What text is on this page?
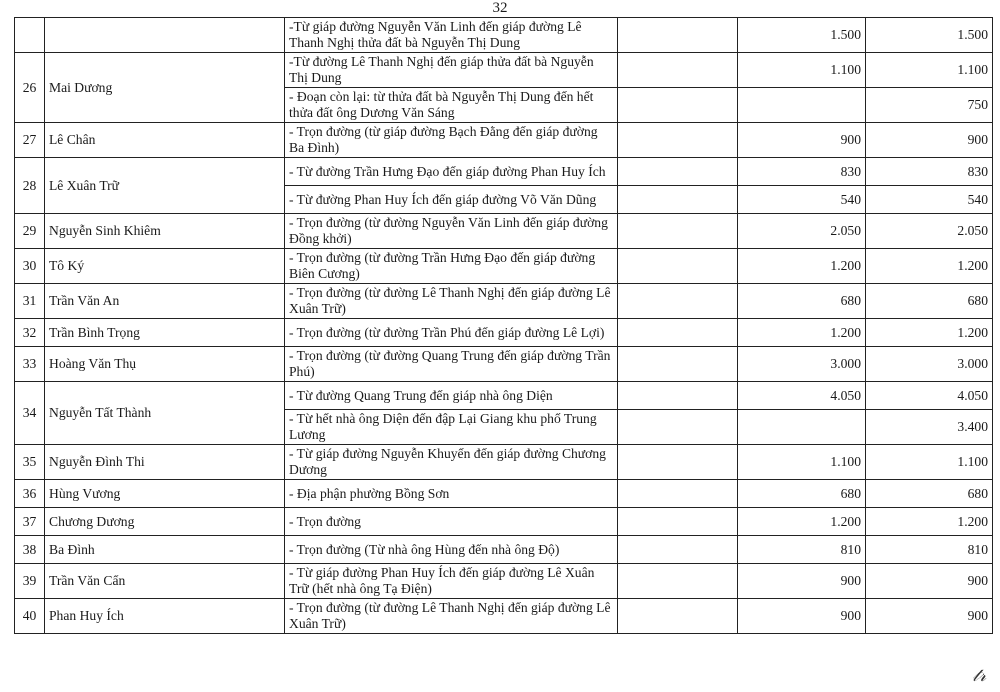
32
		-Từ giáp đường Nguyễn Văn Linh đến giáp đường Lê Thanh Nghị thửa đất bà Nguyễn Thị Dung		1.500	1.500
26	Mai Dương	-Từ đường Lê Thanh Nghị đến giáp thửa đất bà Nguyễn Thị Dung		1.100	1.100
		- Đoạn còn lại: từ thửa đất bà Nguyễn Thị Dung đến hết thửa đất ông Dương Văn Sáng			750
27	Lê Chân	- Trọn đường (từ giáp đường Bạch Đằng đến giáp đường Ba Đình)		900	900
28	Lê Xuân Trữ	- Từ đường Trần Hưng Đạo đến giáp đường Phan Huy Ích		830	830
		- Từ đường Phan Huy Ích đến giáp đường Võ Văn Dũng		540	540
29	Nguyễn Sinh Khiêm	- Trọn đường (từ đường Nguyễn Văn Linh đến giáp đường Đồng khởi)		2.050	2.050
30	Tô Ký	- Trọn đường (từ đường Trần Hưng Đạo đến giáp đường Biên Cương)		1.200	1.200
31	Trần Văn An	- Trọn đường (từ đường Lê Thanh Nghị đến giáp đường Lê Xuân Trữ)		680	680
32	Trần Bình Trọng	- Trọn đường (từ đường Trần Phú đến giáp đường Lê Lợi)		1.200	1.200
33	Hoàng Văn Thụ	- Trọn đường (từ đường Quang Trung đến giáp đường Trần Phú)		3.000	3.000
34	Nguyễn Tất Thành	- Từ đường Quang Trung đến giáp nhà ông Diện		4.050	4.050
		- Từ hết nhà ông Diện đến đập Lại Giang khu phố Trung Lương			3.400
35	Nguyễn Đình Thi	- Từ giáp đường Nguyễn Khuyến đến giáp đường Chương Dương		1.100	1.100
36	Hùng Vương	- Địa phận phường Bồng Sơn		680	680
37	Chương Dương	- Trọn đường		1.200	1.200
38	Ba Đình	- Trọn đường (Từ nhà ông Hùng đến nhà ông Độ)		810	810
39	Trần Văn Cẩn	- Từ giáp đường Phan Huy Ích đến giáp đường Lê Xuân Trữ (hết nhà ông Tạ Điện)		900	900
40	Phan Huy Ích	- Trọn đường (từ đường Lê Thanh Nghị đến giáp đường Lê Xuân Trữ)		900	900
𝓉𝓇
